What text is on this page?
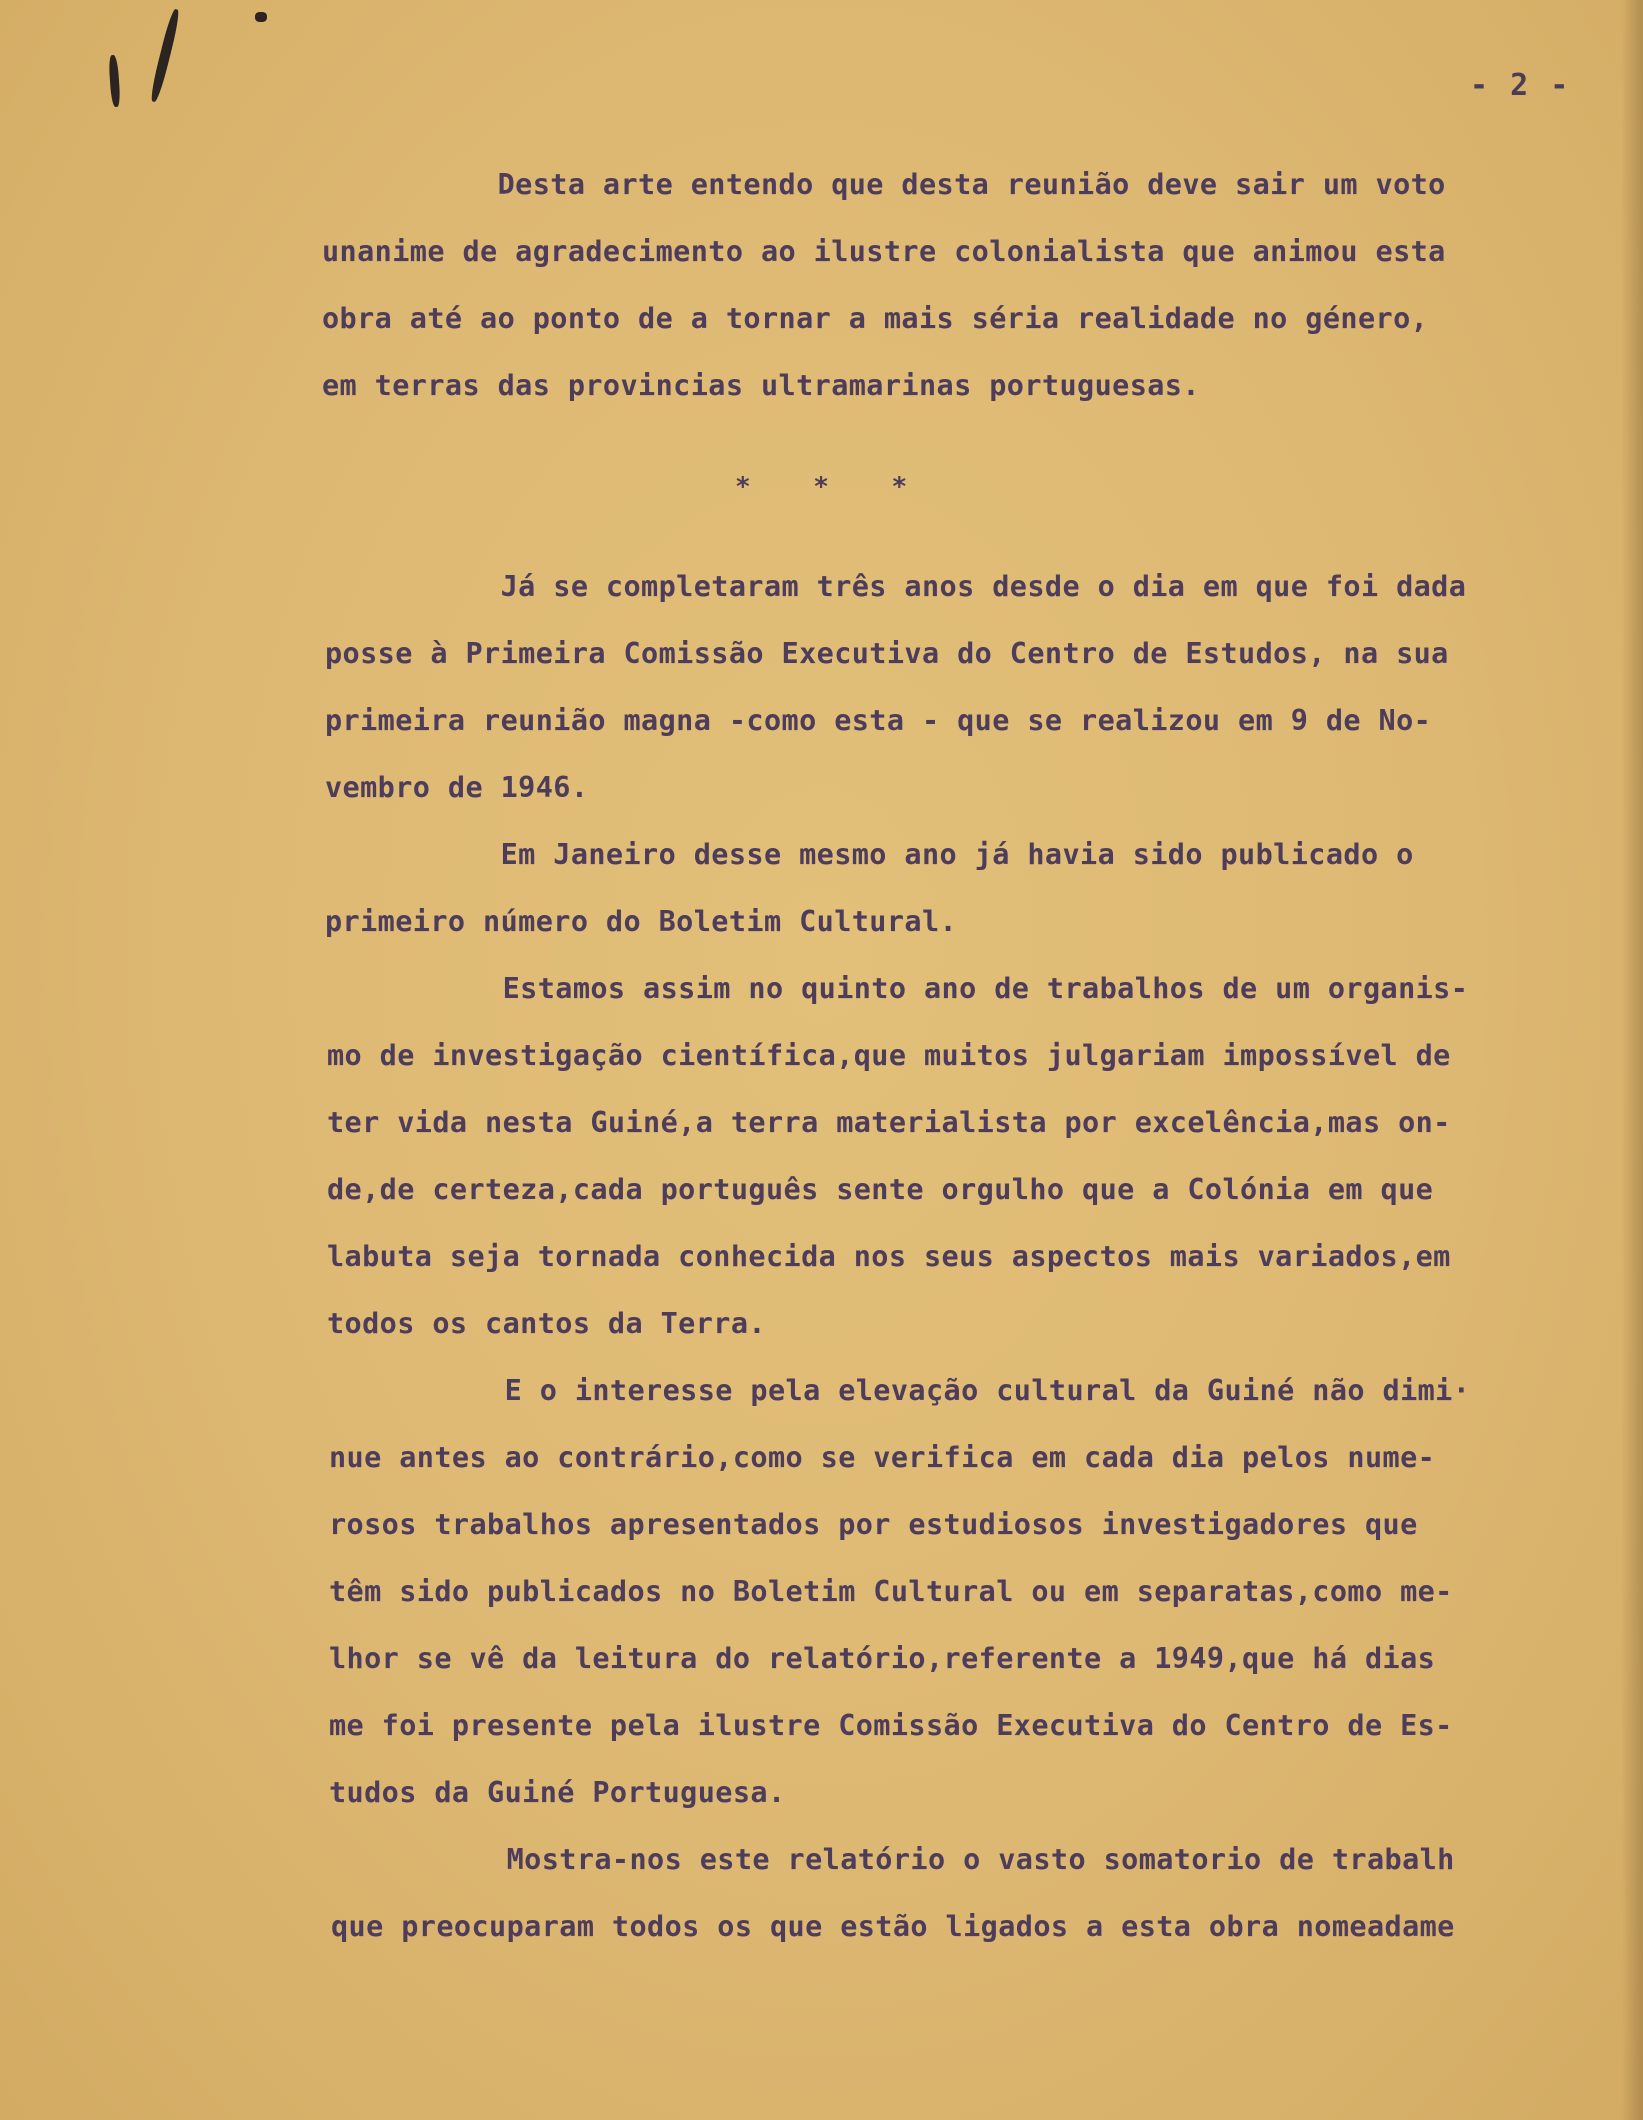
- 2 -
Desta arte entendo que desta reunião deve sair um voto
unanime de agradecimento ao ilustre colonialista que animou esta
obra até ao ponto de a tornar a mais séria realidade no género,
em terras das provincias ultramarinas portuguesas.
*    *    *
Já se completaram três anos desde o dia em que foi dada
posse à Primeira Comissão Executiva do Centro de Estudos, na sua
primeira reunião magna -como esta - que se realizou em 9 de No-
vembro de 1946.
Em Janeiro desse mesmo ano já havia sido publicado o
primeiro número do Boletim Cultural.
Estamos assim no quinto ano de trabalhos de um organis-
mo de investigação científica,que muitos julgariam impossível de
ter vida nesta Guiné,a terra materialista por excelência,mas on-
de,de certeza,cada português sente orgulho que a Colónia em que
labuta seja tornada conhecida nos seus aspectos mais variados,em
todos os cantos da Terra.
E o interesse pela elevação cultural da Guiné não dimi·
nue antes ao contrário,como se verifica em cada dia pelos nume-
rosos trabalhos apresentados por estudiosos investigadores que
têm sido publicados no Boletim Cultural ou em separatas,como me-
lhor se vê da leitura do relatório,referente a 1949,que há dias
me foi presente pela ilustre Comissão Executiva do Centro de Es-
tudos da Guiné Portuguesa.
Mostra-nos este relatório o vasto somatorio de trabalh
que preocuparam todos os que estão ligados a esta obra nomeadame
